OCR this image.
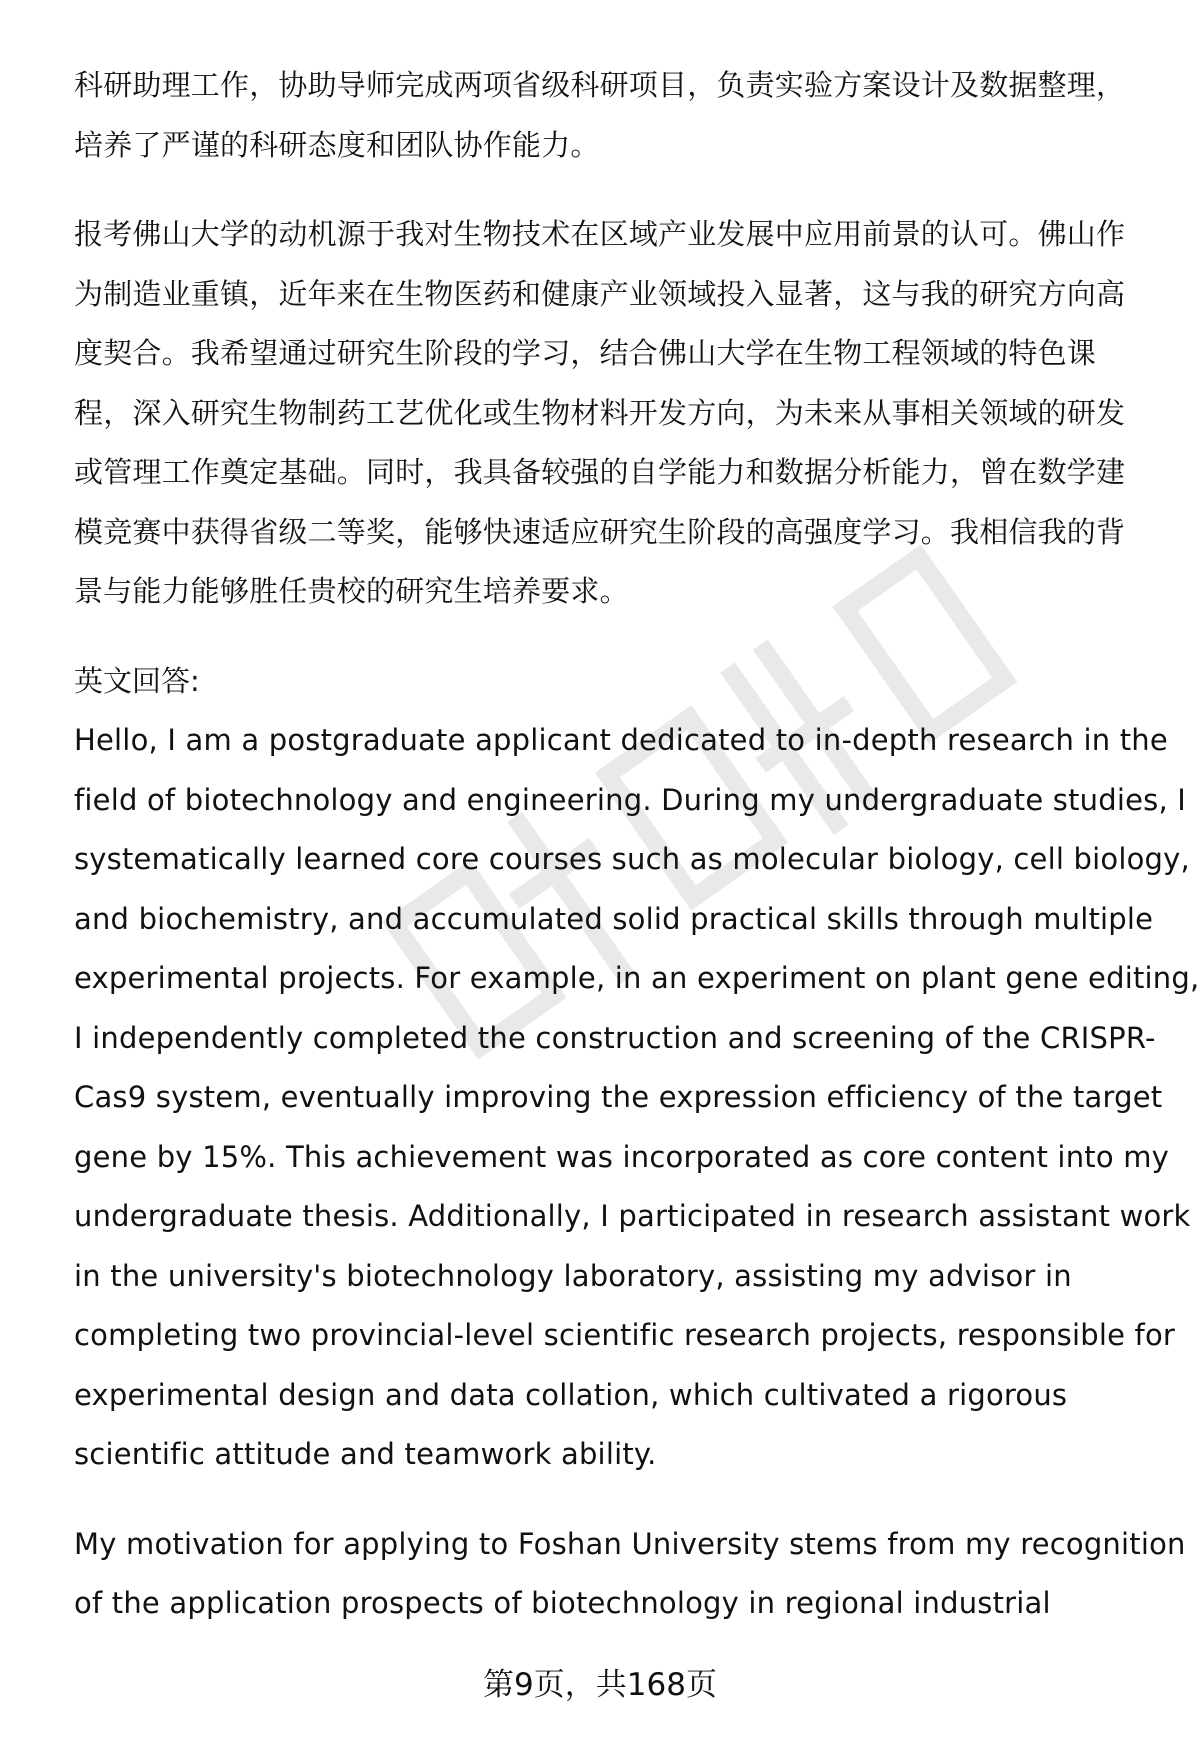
科研助理工作，协助导师完成两项省级科研项目，负责实验方案设计及数据整理，
培养了严谨的科研态度和团队协作能力。

报考佛山大学的动机源于我对生物技术在区域产业发展中应用前景的认可。佛山作
为制造业重镇，近年来在生物医药和健康产业领域投入显著，这与我的研究方向高
度契合。我希望通过研究生阶段的学习，结合佛山大学在生物工程领域的特色课
程，深入研究生物制药工艺优化或生物材料开发方向，为未来从事相关领域的研发
或管理工作奠定基础。同时，我具备较强的自学能力和数据分析能力，曾在数学建
模竞赛中获得省级二等奖，能够快速适应研究生阶段的高强度学习。我相信我的背
景与能力能够胜任贵校的研究生培养要求。

英文回答:

Hello, I am a postgraduate applicant dedicated to in-depth research in the
field of biotechnology and engineering. During my undergraduate studies, I
systematically learned core courses such as molecular biology, cell biology,
and biochemistry, and accumulated solid practical skills through multiple
experimental projects. For example, in an experiment on plant gene editing,
I independently completed the construction and screening of the CRISPR-
Cas9 system, eventually improving the expression efficiency of the target
gene by 15%. This achievement was incorporated as core content into my
undergraduate thesis. Additionally, I participated in research assistant work
in the university's biotechnology laboratory, assisting my advisor in
completing two provincial-level scientific research projects, responsible for
experimental design and data collation, which cultivated a rigorous
scientific attitude and teamwork ability.

My motivation for applying to Foshan University stems from my recognition
of the application prospects of biotechnology in regional industrial

第9页，共168页
